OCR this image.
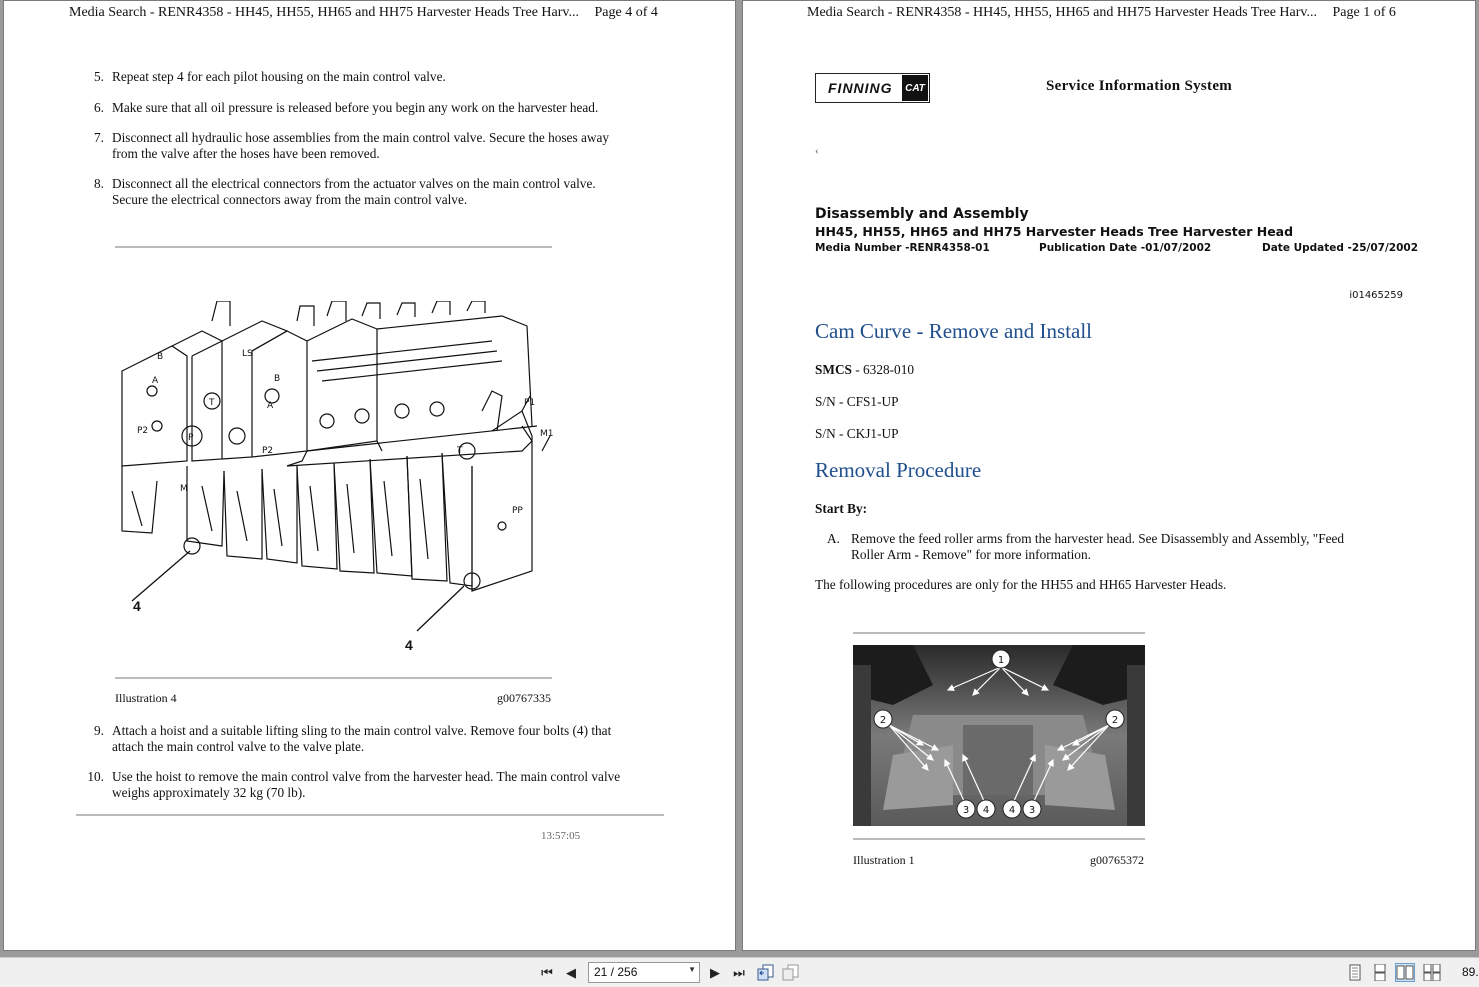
Media Search - RENR4358 - HH45, HH55, HH65 and HH75 Harvester Heads Tree Harv... Page 4 of 4
5. Repeat step 4 for each pilot housing on the main control valve.
6. Make sure that all oil pressure is released before you begin any work on the harvester head.
7. Disconnect all hydraulic hose assemblies from the main control valve. Secure the hoses away
from the valve after the hoses have been removed.
8. Disconnect all the electrical connectors from the actuator valves on the main control valve.
Secure the electrical connectors away from the main control valve.
B
A
P2
B
A
P2
T
P
T
PP
P1
M1
LS
M
4
4
Illustration 4	g00767335
9. Attach a hoist and a suitable lifting sling to the main control valve. Remove four bolts (4) that
attach the main control valve to the valve plate.
10. Use the hoist to remove the main control valve from the harvester head. The main control valve
weighs approximately 32 kg (70 lb).
13:57:05
Media Search - RENR4358 - HH45, HH55, HH65 and HH75 Harvester Heads Tree Harv... Page 1 of 6
FINNING	CAT	Service Information System
‹
Disassembly and Assembly
HH45, HH55, HH65 and HH75 Harvester Heads Tree Harvester Head
Media Number -RENR4358-01	Publication Date -01/07/2002	Date Updated -25/07/2002
i01465259
Cam Curve - Remove and Install
SMCS - 6328-010
S/N - CFS1-UP
S/N - CKJ1-UP
Removal Procedure
Start By:
A. Remove the feed roller arms from the harvester head. See Disassembly and Assembly, "Feed
Roller Arm - Remove" for more information.
The following procedures are only for the HH55 and HH65 Harvester Heads.
1
2	2
3 4 4 3
Illustration 1	g00765372
⏮	◀	21 / 256	▼	▶	⏭	89.
